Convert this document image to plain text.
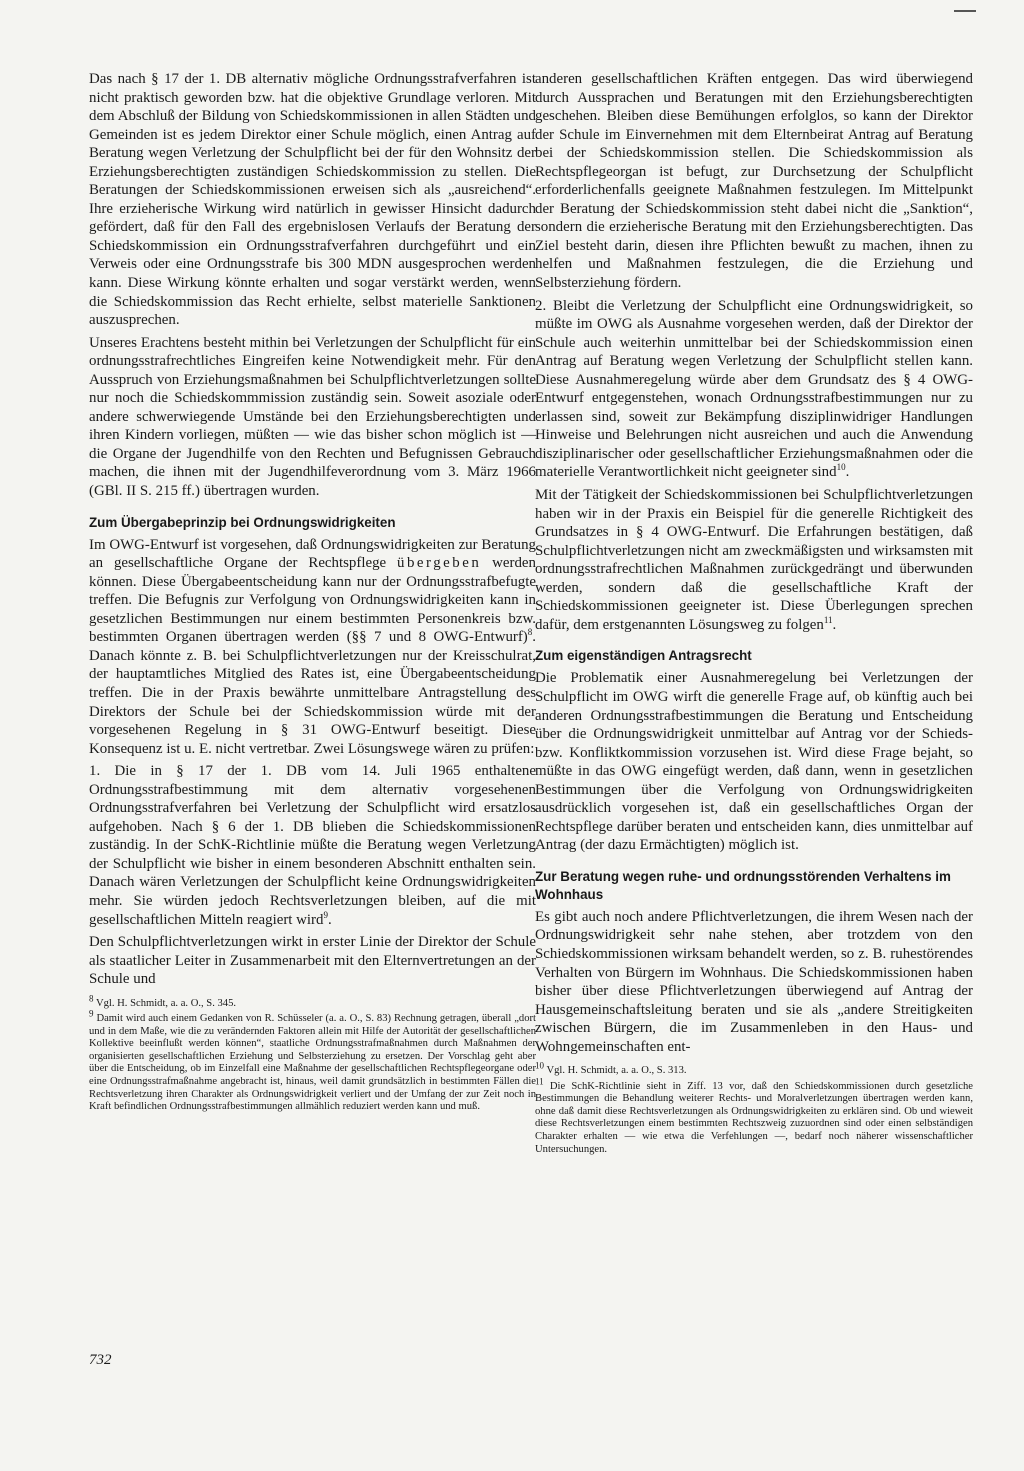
Das nach § 17 der 1. DB alternativ mögliche Ordnungsstrafverfahren ist nicht praktisch geworden bzw. hat die objektive Grundlage verloren. Mit dem Abschluß der Bildung von Schiedskommissionen in allen Städten und Gemeinden ist es jedem Direktor einer Schule möglich, einen Antrag auf Beratung wegen Verletzung der Schulpflicht bei der für den Wohnsitz der Erziehungsberechtigten zuständigen Schiedskommission zu stellen. Die Beratungen der Schiedskommissionen erweisen sich als „ausreichend“. Ihre erzieherische Wirkung wird natürlich in gewisser Hinsicht dadurch gefördert, daß für den Fall des ergebnislosen Verlaufs der Beratung der Schiedskommission ein Ordnungsstrafverfahren durchgeführt und ein Verweis oder eine Ordnungsstrafe bis 300 MDN ausgesprochen werden kann. Diese Wirkung könnte erhalten und sogar verstärkt werden, wenn die Schiedskommission das Recht erhielte, selbst materielle Sanktionen auszusprechen.

Unseres Erachtens besteht mithin bei Verletzungen der Schulpflicht für ein ordnungsstrafrechtliches Eingreifen keine Notwendigkeit mehr. Für den Ausspruch von Erziehungsmaßnahmen bei Schulpflichtverletzungen sollte nur noch die Schiedskommmission zuständig sein. Soweit asoziale oder andere schwerwiegende Umstände bei den Erziehungsberechtigten und ihren Kindern vorliegen, müßten — wie das bisher schon möglich ist — die Organe der Jugendhilfe von den Rechten und Befugnissen Gebrauch machen, die ihnen mit der Jugendhilfeverordnung vom 3. März 1966 (GBl. II S. 215 ff.) übertragen wurden.

Zum Übergabeprinzip bei Ordnungswidrigkeiten

Im OWG-Entwurf ist vorgesehen, daß Ordnungswidrigkeiten zur Beratung an gesellschaftliche Organe der Rechtspflege übergeben werden können. Diese Übergabeentscheidung kann nur der Ordnungsstrafbefugte treffen. Die Befugnis zur Verfolgung von Ordnungswidrigkeiten kann in gesetzlichen Bestimmungen nur einem bestimmten Personenkreis bzw. bestimmten Organen übertragen werden (§§ 7 und 8 OWG-Entwurf)$^8$. Danach könnte z. B. bei Schulpflichtverletzungen nur der Kreisschulrat, der hauptamtliches Mitglied des Rates ist, eine Übergabeentscheidung treffen. Die in der Praxis bewährte unmittelbare Antragstellung des Direktors der Schule bei der Schiedskommission würde mit der vorgesehenen Regelung in § 31 OWG-Entwurf beseitigt. Diese Konsequenz ist u. E. nicht vertretbar. Zwei Lösungswege wären zu prüfen:

1. Die in § 17 der 1. DB vom 14. Juli 1965 enthaltene Ordnungsstrafbestimmung mit dem alternativ vorgesehenen Ordnungsstrafverfahren bei Verletzung der Schulpflicht wird ersatzlos aufgehoben. Nach § 6 der 1. DB blieben die Schiedskommissionen zuständig. In der SchK-Richtlinie müßte die Beratung wegen Verletzung der Schulpflicht wie bisher in einem besonderen Abschnitt enthalten sein. Danach wären Verletzungen der Schulpflicht keine Ordnungswidrigkeiten mehr. Sie würden jedoch Rechtsverletzungen bleiben, auf die mit gesellschaftlichen Mitteln reagiert wird$^9$.

Den Schulpflichtverletzungen wirkt in erster Linie der Direktor der Schule als staatlicher Leiter in Zusammenarbeit mit den Elternvertretungen an der Schule und

$^8$ Vgl. H. Schmidt, a. a. O., S. 345.

$^9$ Damit wird auch einem Gedanken von R. Schüsseler (a. a. O., S. 83) Rechnung getragen, überall „dort und in dem Maße, wie die zu verändernden Faktoren allein mit Hilfe der Autorität der gesellschaftlichen Kollektive beeinflußt werden können“, staatliche Ordnungsstrafmaßnahmen durch Maßnahmen der organisierten gesellschaftlichen Erziehung und Selbsterziehung zu ersetzen. Der Vorschlag geht aber über die Entscheidung, ob im Einzelfall eine Maßnahme der gesellschaftlichen Rechtspflegeorgane oder eine Ordnungsstrafmaßnahme angebracht ist, hinaus, weil damit grundsätzlich in bestimmten Fällen die Rechtsverletzung ihren Charakter als Ordnungswidrigkeit verliert und der Umfang der zur Zeit noch in Kraft befindlichen Ordnungsstrafbestimmungen allmählich reduziert werden kann und muß.

anderen gesellschaftlichen Kräften entgegen. Das wird überwiegend durch Aussprachen und Beratungen mit den Erziehungsberechtigten geschehen. Bleiben diese Bemühungen erfolglos, so kann der Direktor der Schule im Einvernehmen mit dem Elternbeirat Antrag auf Beratung bei der Schiedskommission stellen. Die Schiedskommission als Rechtspflegeorgan ist befugt, zur Durchsetzung der Schulpflicht erforderlichenfalls geeignete Maßnahmen festzulegen. Im Mittelpunkt der Beratung der Schiedskommission steht dabei nicht die „Sanktion“, sondern die erzieherische Beratung mit den Erziehungsberechtigten. Das Ziel besteht darin, diesen ihre Pflichten bewußt zu machen, ihnen zu helfen und Maßnahmen festzulegen, die die Erziehung und Selbsterziehung fördern.

2. Bleibt die Verletzung der Schulpflicht eine Ordnungswidrigkeit, so müßte im OWG als Ausnahme vorgesehen werden, daß der Direktor der Schule auch weiterhin unmittelbar bei der Schiedskommission einen Antrag auf Beratung wegen Verletzung der Schulpflicht stellen kann. Diese Ausnahmeregelung würde aber dem Grundsatz des § 4 OWG-Entwurf entgegenstehen, wonach Ordnungsstrafbestimmungen nur zu erlassen sind, soweit zur Bekämpfung disziplinwidriger Handlungen Hinweise und Belehrungen nicht ausreichen und auch die Anwendung disziplinarischer oder gesellschaftlicher Erziehungsmaßnahmen oder die materielle Verantwortlichkeit nicht geeigneter sind$^{10}$.

Mit der Tätigkeit der Schiedskommissionen bei Schulpflichtverletzungen haben wir in der Praxis ein Beispiel für die generelle Richtigkeit des Grundsatzes in § 4 OWG-Entwurf. Die Erfahrungen bestätigen, daß Schulpflichtverletzungen nicht am zweckmäßigsten und wirksamsten mit ordnungsstrafrechtlichen Maßnahmen zurückgedrängt und überwunden werden, sondern daß die gesellschaftliche Kraft der Schiedskommissionen geeigneter ist. Diese Überlegungen sprechen dafür, dem erstgenannten Lösungsweg zu folgen$^{11}$.

Zum eigenständigen Antragsrecht

Die Problematik einer Ausnahmeregelung bei Verletzungen der Schulpflicht im OWG wirft die generelle Frage auf, ob künftig auch bei anderen Ordnungsstrafbestimmungen die Beratung und Entscheidung über die Ordnungswidrigkeit unmittelbar auf Antrag vor der Schieds- bzw. Konfliktkommission vorzusehen ist. Wird diese Frage bejaht, so müßte in das OWG eingefügt werden, daß dann, wenn in gesetzlichen Bestimmungen über die Verfolgung von Ordnungswidrigkeiten ausdrücklich vorgesehen ist, daß ein gesellschaftliches Organ der Rechtspflege darüber beraten und entscheiden kann, dies unmittelbar auf Antrag (der dazu Ermächtigten) möglich ist.

Zur Beratung wegen ruhe- und ordnungsstörenden Verhaltens im Wohnhaus

Es gibt auch noch andere Pflichtverletzungen, die ihrem Wesen nach der Ordnungswidrigkeit sehr nahe stehen, aber trotzdem von den Schiedskommissionen wirksam behandelt werden, so z. B. ruhestörendes Verhalten von Bürgern im Wohnhaus. Die Schiedskommissionen haben bisher über diese Pflichtverletzungen überwiegend auf Antrag der Hausgemeinschaftsleitung beraten und sie als „andere Streitigkeiten zwischen Bürgern, die im Zusammenleben in den Haus- und Wohngemeinschaften ent-

$^{10}$ Vgl. H. Schmidt, a. a. O., S. 313.

$^{11}$ Die SchK-Richtlinie sieht in Ziff. 13 vor, daß den Schiedskommissionen durch gesetzliche Bestimmungen die Behandlung weiterer Rechts- und Moralverletzungen übertragen werden kann, ohne daß damit diese Rechtsverletzungen als Ordnungswidrigkeiten zu erklären sind. Ob und wieweit diese Rechtsverletzungen einem bestimmten Rechtszweig zuzuordnen sind oder einen selbständigen Charakter erhalten — wie etwa die Verfehlungen —, bedarf noch näherer wissenschaftlicher Untersuchungen.

732
